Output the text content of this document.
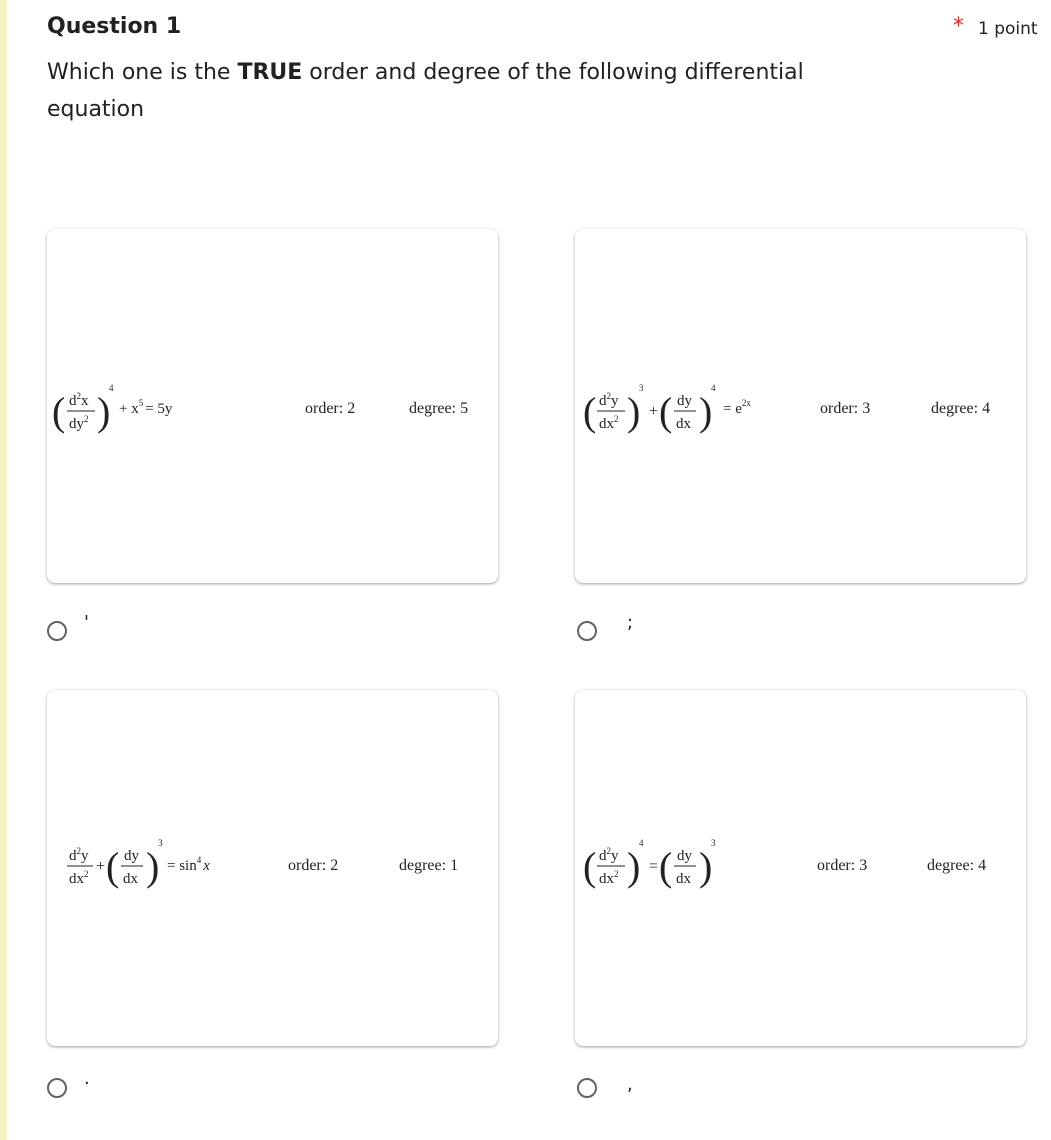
Question 1	* 1 point
Which one is the TRUE order and degree of the following differential equation
( $d^2x$
$dy^2$ )
4
+ $x^5 = 5y$	order: 2	degree: 5
'
( $d^2y$
$dx^2$ )
3
+ ( dy
dx )
4
= $e^{2x}$	order: 3	degree: 4
;
$d^2y$
$dx^2$ + ( dy
dx )
3
= $\sin^4 x$	order: 2	degree: 1
.
( $d^2y$
$dx^2$ )
4
= ( dy
dx )
3
order: 3	degree: 4
,
